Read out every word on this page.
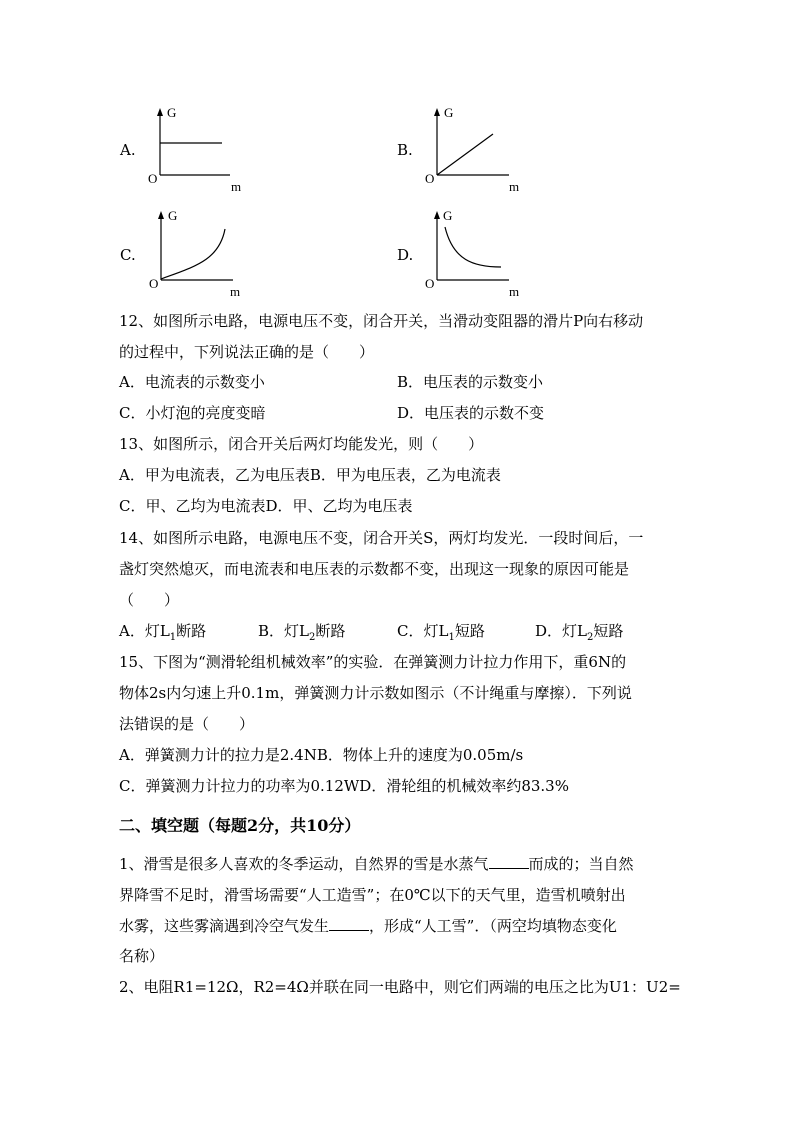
A.
G
O
m
B.
G
O
m
C.
G
O
m
D.
G
O
m
12、如图所示电路，电源电压不变，闭合开关，当滑动变阻器的滑片P向右移动
的过程中，下列说法正确的是（　　）
A．电流表的示数变小	B．电压表的示数变小
C．小灯泡的亮度变暗	D．电压表的示数不变
13、如图所示，闭合开关后两灯均能发光，则（　　）
A．甲为电流表，乙为电压表B．甲为电压表，乙为电流表
C．甲、乙均为电流表D．甲、乙均为电压表
14、如图所示电路，电源电压不变，闭合开关S，两灯均发光．一段时间后，一
盏灯突然熄灭，而电流表和电压表的示数都不变，出现这一现象的原因可能是
（　　）
A．灯$L_1$断路	B．灯$L_2$断路	C．灯$L_1$短路	D．灯$L_2$短路
15、下图为“测滑轮组机械效率”的实验．在弹簧测力计拉力作用下，重6N的
物体2s内匀速上升0.1m，弹簧测力计示数如图示（不计绳重与摩擦）．下列说
法错误的是（　　）
A．弹簧测力计的拉力是2.4NB．物体上升的速度为0.05m/s
C．弹簧测力计拉力的功率为0.12WD．滑轮组的机械效率约83.3%
二、填空题（每题2分，共10分）
1、滑雪是很多人喜欢的冬季运动，自然界的雪是水蒸气	而成的；当自然
界降雪不足时，滑雪场需要“人工造雪”；在0℃以下的天气里，造雪机喷射出
水雾，这些雾滴遇到冷空气发生	，形成“人工雪”．（两空均填物态变化
名称）
2、电阻R1=12Ω，R2=4Ω并联在同一电路中，则它们两端的电压之比为U1：U2=
